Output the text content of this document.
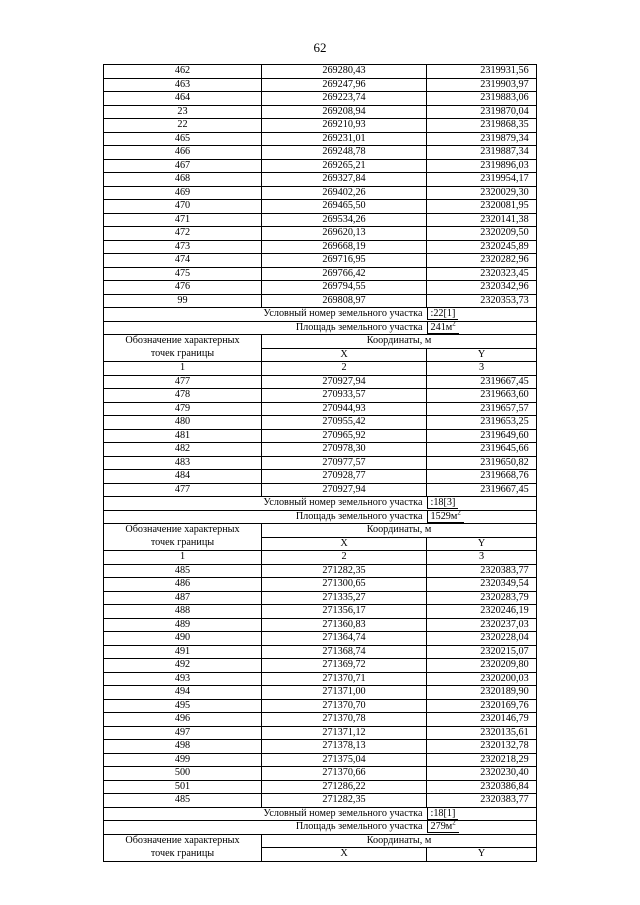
62
462	269280,43	2319931,56
463	269247,96	2319903,97
464	269223,74	2319883,06
23	269208,94	2319870,04
22	269210,93	2319868,35
465	269231,01	2319879,34
466	269248,78	2319887,34
467	269265,21	2319896,03
468	269327,84	2319954,17
469	269402,26	2320029,30
470	269465,50	2320081,95
471	269534,26	2320141,38
472	269620,13	2320209,50
473	269668,19	2320245,89
474	269716,95	2320282,96
475	269766,42	2320323,45
476	269794,55	2320342,96
99	269808,97	2320353,73
Условный номер земельного участка		:22[1]
Площадь земельного участка		$241м^2$
Обозначение характерных	Координаты, м	
точек границы	X	Y
1	2	3
477	270927,94	2319667,45
478	270933,57	2319663,60
479	270944,93	2319657,57
480	270955,42	2319653,25
481	270965,92	2319649,60
482	270978,30	2319645,66
483	270977,57	2319650,82
484	270928,77	2319668,76
477	270927,94	2319667,45
Условный номер земельного участка		:18[3]
Площадь земельного участка		$1529м^2$
Обозначение характерных	Координаты, м	
точек границы	X	Y
1	2	3
485	271282,35	2320383,77
486	271300,65	2320349,54
487	271335,27	2320283,79
488	271356,17	2320246,19
489	271360,83	2320237,03
490	271364,74	2320228,04
491	271368,74	2320215,07
492	271369,72	2320209,80
493	271370,71	2320200,03
494	271371,00	2320189,90
495	271370,70	2320169,76
496	271370,78	2320146,79
497	271371,12	2320135,61
498	271378,13	2320132,78
499	271375,04	2320218,29
500	271370,66	2320230,40
501	271286,22	2320386,84
485	271282,35	2320383,77
Условный номер земельного участка		:18[1]
Площадь земельного участка		$279м^2$
Обозначение характерных	Координаты, м	
точек границы	X	Y
